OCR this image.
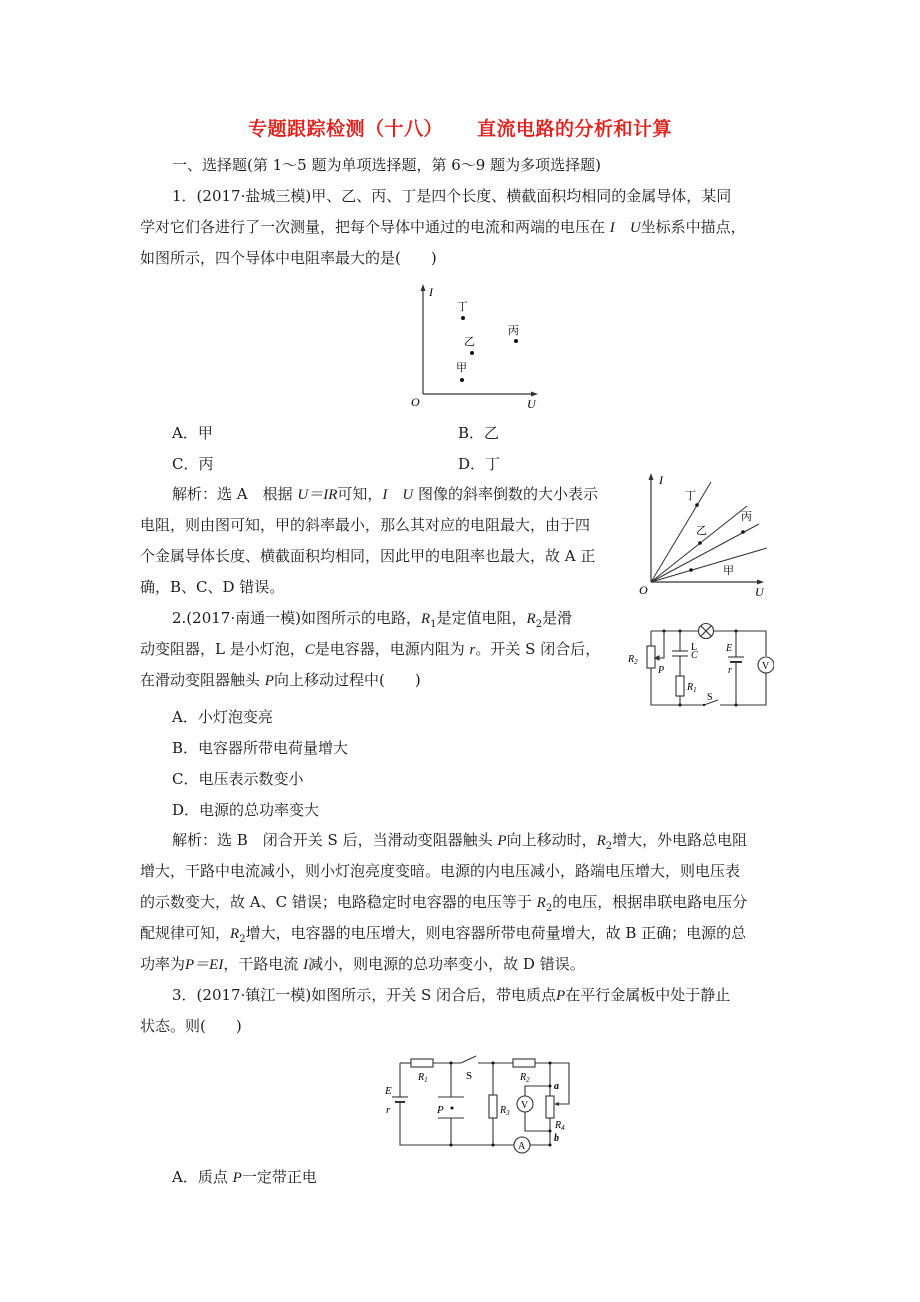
专题跟踪检测（十八） 直流电路的分析和计算
一、选择题(第 1～5 题为单项选择题，第 6～9 题为多项选择题)
1．(2017·盐城三模)甲、乙、丙、丁是四个长度、横截面积均相同的金属导体，某同
学对它们各进行了一次测量，把每个导体中通过的电流和两端的电压在 I　 U坐标系中描点，
如图所示，四个导体中电阻率最大的是(　　)
I
U
O
丁
乙
丙
甲
A．甲	B．乙
C．丙	D．丁
解析：选 A　根据 U＝IR可知，I　 U 图像的斜率倒数的大小表示
电阻，则由图可知，甲的斜率最小，那么其对应的电阻最大，由于四
个金属导体长度、横截面积均相同，因此甲的电阻率也最大，故 A 正
确，B、C、D 错误。
I
U
O
丁
乙
丙
甲
2.(2017·南通一模)如图所示的电路，$R_1$是定值电阻，$R_2$是滑
动变阻器，L 是小灯泡，C是电容器，电源内阻为 r。开关 S 闭合后，
在滑动变阻器触头 P向上移动过程中(　　)
$R_2$
P
L
C
$R_1$
S
E
r	V
A．小灯泡变亮
B．电容器所带电荷量增大
C．电压表示数变小
D．电源的总功率变大
解析：选 B　闭合开关 S 后，当滑动变阻器触头 P向上移动时，$R_2$增大，外电路总电阻
增大，干路中电流减小，则小灯泡亮度变暗。电源的内电压减小，路端电压增大，则电压表
的示数变大，故 A、C 错误；电路稳定时电容器的电压等于 $R_2$的电压，根据串联电路电压分
配规律可知，$R_2$增大，电容器的电压增大，则电容器所带电荷量增大，故 B 正确；电源的总
功率为P＝EI，干路电流 I减小，则电源的总功率变小，故 D 错误。
3．(2017·镇江一模)如图所示，开关 S 闭合后，带电质点P在平行金属板中处于静止
状态。则(　　)
$R_1$	S	$R_2$
E
r	P	$R_3$
V
a
$R_4$
b
A
A．质点 P一定带正电
